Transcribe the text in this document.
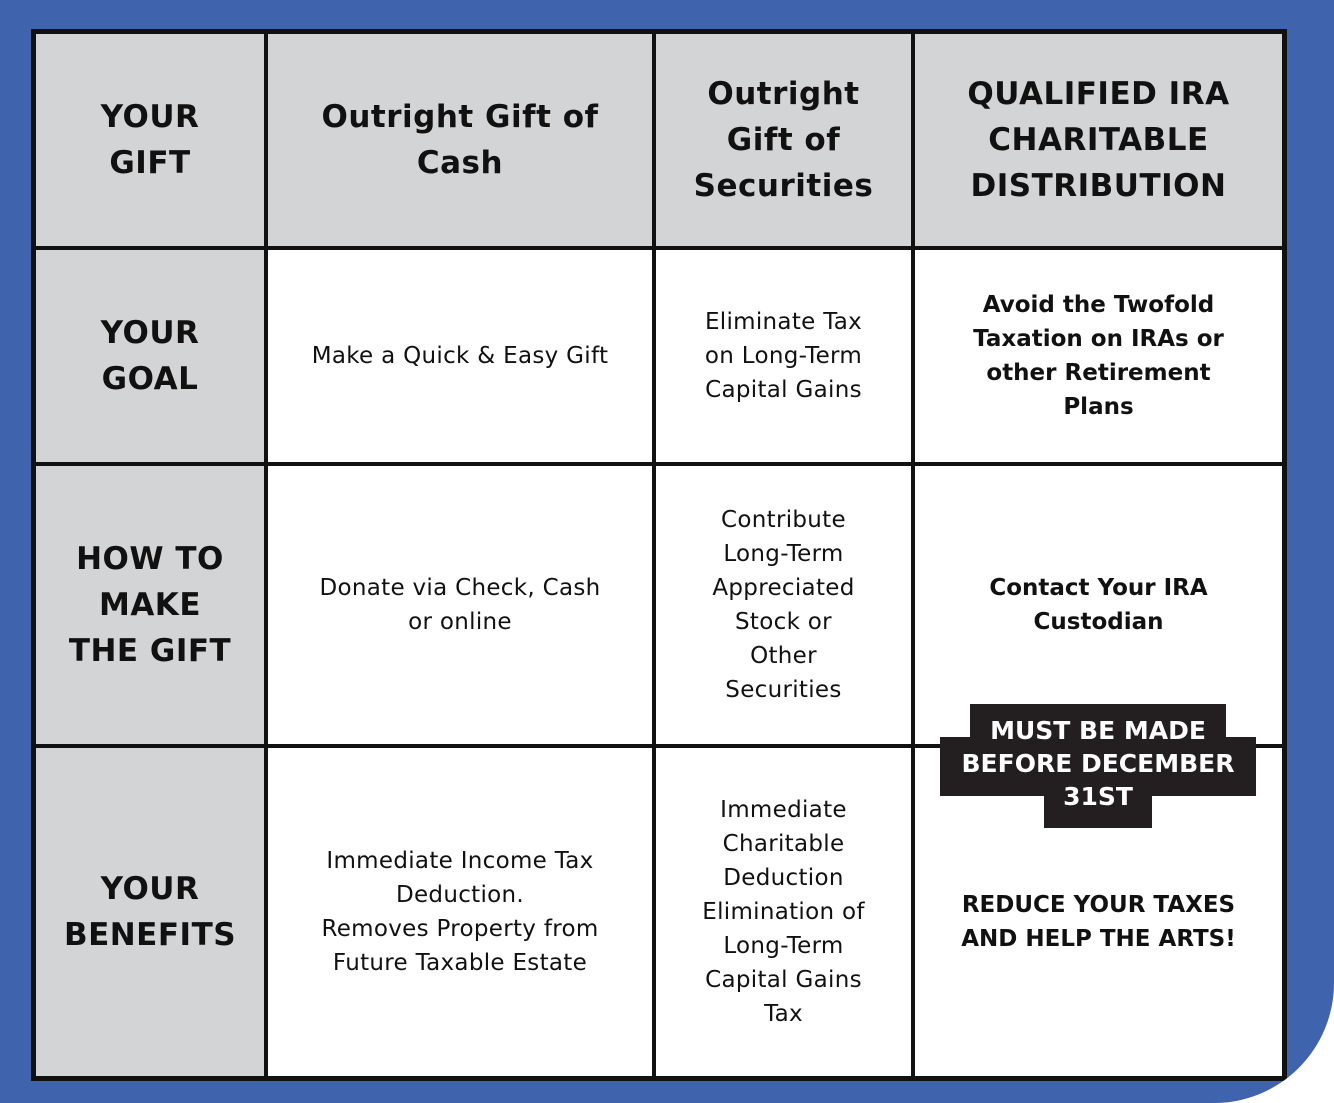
YOUR
GIFT
Outright Gift of
Cash
Outright
Gift of
Securities
QUALIFIED IRA
CHARITABLE
DISTRIBUTION
YOUR
GOAL
Make a Quick & Easy Gift
Eliminate Tax
on Long-Term
Capital Gains
Avoid the Twofold
Taxation on IRAs or
other Retirement
Plans
HOW TO
MAKE
THE GIFT
Donate via Check, Cash
or online
Contribute
Long-Term
Appreciated
Stock or
Other
Securities
Contact Your IRA
Custodian
YOUR
BENEFITS
Immediate Income Tax
Deduction.
Removes Property from
Future Taxable Estate
Immediate
Charitable
Deduction
Elimination of
Long-Term
Capital Gains
Tax
REDUCE YOUR TAXES
AND HELP THE ARTS!
MUST BE MADE
BEFORE DECEMBER
31ST
